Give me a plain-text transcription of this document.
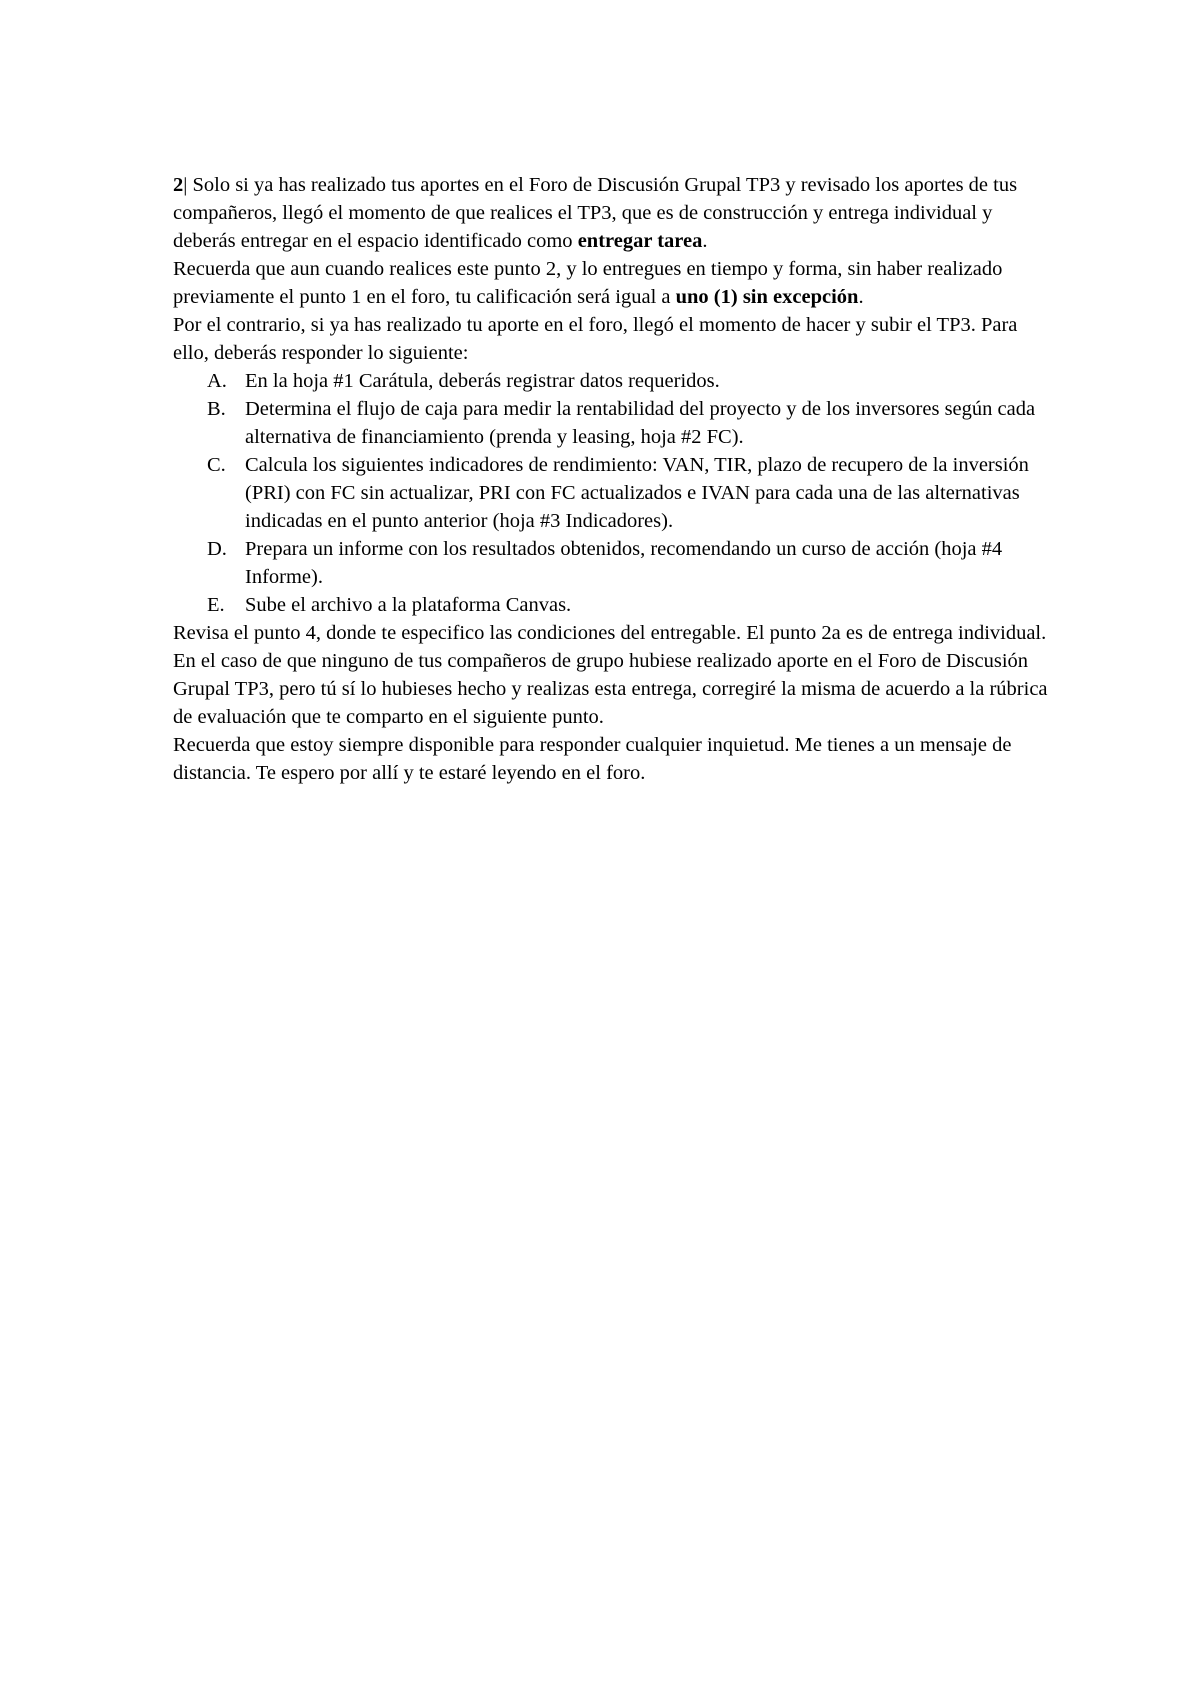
2| Solo si ya has realizado tus aportes en el Foro de Discusión Grupal TP3 y revisado los aportes de tus compañeros, llegó el momento de que realices el TP3, que es de construcción y entrega individual y deberás entregar en el espacio identificado como entregar tarea.

Recuerda que aun cuando realices este punto 2, y lo entregues en tiempo y forma, sin haber realizado previamente el punto 1 en el foro, tu calificación será igual a uno (1) sin excepción.

Por el contrario, si ya has realizado tu aporte en el foro, llegó el momento de hacer y subir el TP3. Para ello, deberás responder lo siguiente:

A. En la hoja #1 Carátula, deberás registrar datos requeridos.
B. Determina el flujo de caja para medir la rentabilidad del proyecto y de los inversores según cada alternativa de financiamiento (prenda y leasing, hoja #2 FC).
C. Calcula los siguientes indicadores de rendimiento: VAN, TIR, plazo de recupero de la inversión (PRI) con FC sin actualizar, PRI con FC actualizados e IVAN para cada una de las alternativas indicadas en el punto anterior (hoja #3 Indicadores).
D. Prepara un informe con los resultados obtenidos, recomendando un curso de acción (hoja #4 Informe).
E. Sube el archivo a la plataforma Canvas.

Revisa el punto 4, donde te especifico las condiciones del entregable. El punto 2a es de entrega individual. En el caso de que ninguno de tus compañeros de grupo hubiese realizado aporte en el Foro de Discusión Grupal TP3, pero tú sí lo hubieses hecho y realizas esta entrega, corregiré la misma de acuerdo a la rúbrica de evaluación que te comparto en el siguiente punto.

Recuerda que estoy siempre disponible para responder cualquier inquietud. Me tienes a un mensaje de distancia. Te espero por allí y te estaré leyendo en el foro.
